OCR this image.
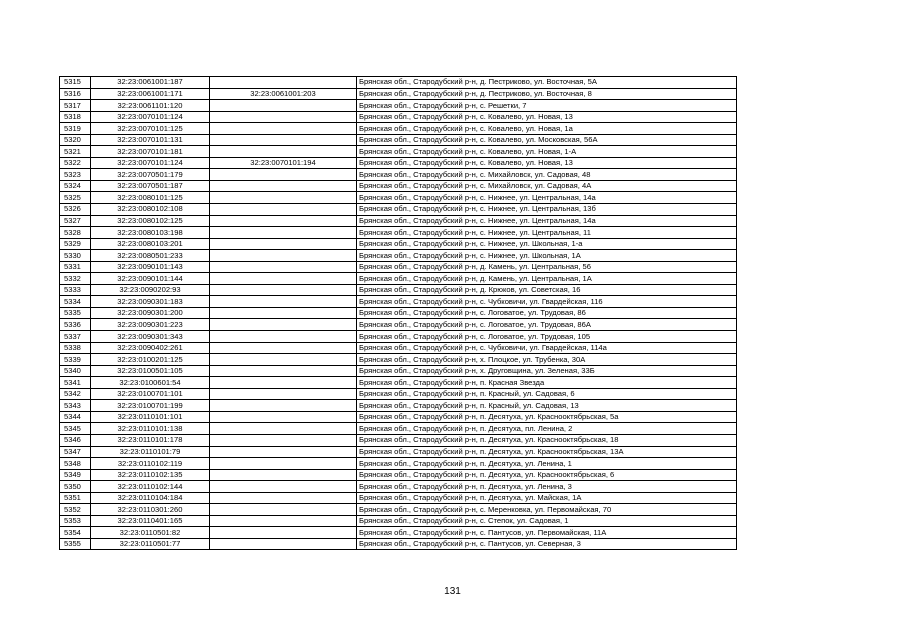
5315	32:23:0061001:187		Брянская обл., Стародубский р-н, д. Пестриково, ул. Восточная, 5А
5316	32:23:0061001:171	32:23:0061001:203	Брянская обл., Стародубский р-н, д. Пестриково, ул. Восточная, 8
5317	32:23:0061101:120		Брянская обл., Стародубский р-н, с. Решетки, 7
5318	32:23:0070101:124		Брянская обл., Стародубский р-н, с. Ковалево, ул. Новая, 13
5319	32:23:0070101:125		Брянская обл., Стародубский р-н, с. Ковалево, ул. Новая, 1а
5320	32:23:0070101:131		Брянская обл., Стародубский р-н, с. Ковалево, ул. Московская, 56А
5321	32:23:0070101:181		Брянская обл., Стародубский р-н, с. Ковалево, ул. Новая, 1-А
5322	32:23:0070101:124	32:23:0070101:194	Брянская обл., Стародубский р-н, с. Ковалево, ул. Новая, 13
5323	32:23:0070501:179		Брянская обл., Стародубский р-н, с. Михайловск, ул. Садовая, 48
5324	32:23:0070501:187		Брянская обл., Стародубский р-н, с. Михайловск, ул. Садовая, 4А
5325	32:23:0080101:125		Брянская обл., Стародубский р-н, с. Нижнее, ул. Центральная, 14а
5326	32:23:0080102:108		Брянская обл., Стародубский р-н, с. Нижнее, ул. Центральная, 13б
5327	32:23:0080102:125		Брянская обл., Стародубский р-н, с. Нижнее, ул. Центральная, 14а
5328	32:23:0080103:198		Брянская обл., Стародубский р-н, с. Нижнее, ул. Центральная, 11
5329	32:23:0080103:201		Брянская обл., Стародубский р-н, с. Нижнее, ул. Школьная, 1-а
5330	32:23:0080501:233		Брянская обл., Стародубский р-н, с. Нижнее, ул. Школьная, 1А
5331	32:23:0090101:143		Брянская обл., Стародубский р-н, д. Камень, ул. Центральная, 56
5332	32:23:0090101:144		Брянская обл., Стародубский р-н, д. Камень, ул. Центральная, 1А
5333	32:23:0090202:93		Брянская обл., Стародубский р-н, д. Крюков, ул. Советская, 16
5334	32:23:0090301:183		Брянская обл., Стародубский р-н, с. Чубковичи, ул. Гвардейская, 116
5335	32:23:0090301:200		Брянская обл., Стародубский р-н, с. Логоватое, ул. Трудовая, 86
5336	32:23:0090301:223		Брянская обл., Стародубский р-н, с. Логоватое, ул. Трудовая, 86А
5337	32:23:0090301:343		Брянская обл., Стародубский р-н, с. Логоватое, ул. Трудовая, 105
5338	32:23:0090402:261		Брянская обл., Стародубский р-н, с. Чубковичи, ул. Гвардейская, 114а
5339	32:23:0100201:125		Брянская обл., Стародубский р-н, х. Плоцкое, ул. Трубенка, 30А
5340	32:23:0100501:105		Брянская обл., Стародубский р-н, х. Друговщина, ул. Зеленая, 33Б
5341	32:23:0100601:54		Брянская обл., Стародубский р-н, п. Красная Звезда
5342	32:23:0100701:101		Брянская обл., Стародубский р-н, п. Красный, ул. Садовая, 6
5343	32:23:0100701:199		Брянская обл., Стародубский р-н, п. Красный, ул. Садовая, 13
5344	32:23:0110101:101		Брянская обл., Стародубский р-н, п. Десятуха, ул. Краснооктябрьская, 5а
5345	32:23:0110101:138		Брянская обл., Стародубский р-н, п. Десятуха, пл. Ленина, 2
5346	32:23:0110101:178		Брянская обл., Стародубский р-н, п. Десятуха, ул. Краснооктябрьская, 18
5347	32:23:0110101:79		Брянская обл., Стародубский р-н, п. Десятуха, ул. Краснооктябрьская, 13А
5348	32:23:0110102:119		Брянская обл., Стародубский р-н, п. Десятуха, ул. Ленина, 1
5349	32:23:0110102:135		Брянская обл., Стародубский р-н, п. Десятуха, ул. Краснооктябрьская, 6
5350	32:23:0110102:144		Брянская обл., Стародубский р-н, п. Десятуха, ул. Ленина, 3
5351	32:23:0110104:184		Брянская обл., Стародубский р-н, п. Десятуха, ул. Майская, 1А
5352	32:23:0110301:260		Брянская обл., Стародубский р-н, с. Меренковка, ул. Первомайская, 70
5353	32:23:0110401:165		Брянская обл., Стародубский р-н, с. Степок, ул. Садовая, 1
5354	32:23:0110501:82		Брянская обл., Стародубский р-н, с. Пантусов, ул. Первомайская, 11А
5355	32:23:0110501:77		Брянская обл., Стародубский р-н, с. Пантусов, ул. Северная, 3
131
